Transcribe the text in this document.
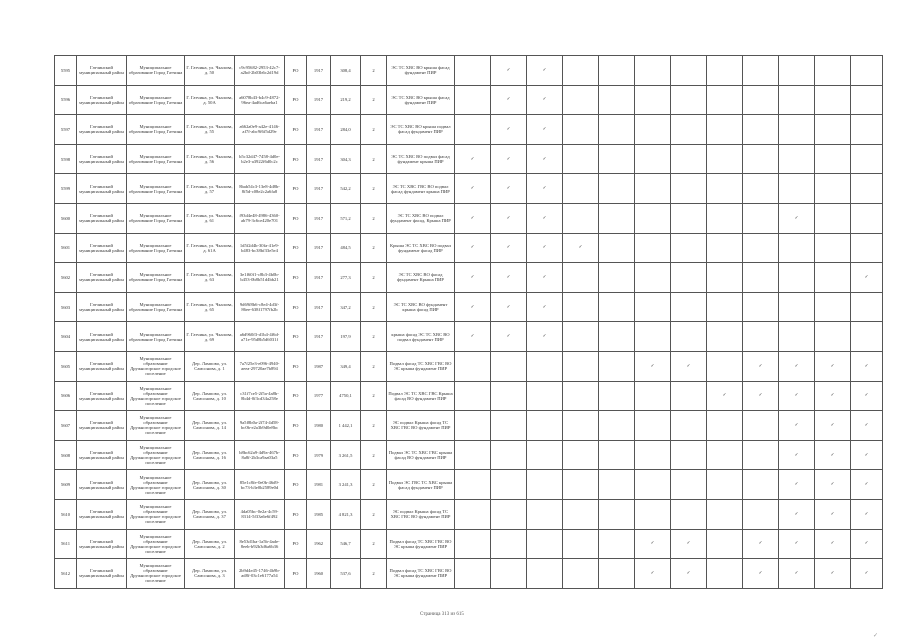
5595	Гатчинский муниципальный район	Муниципальное образование Город Гатчина	Г. Гатчина, ул. Чкалова, д. 50	c9c95682-2953-42c7-a2bd-2b03b6c2d19d	РО	1917	308,4	2	ЭС ТС ХВС ВО крыша фасад фундамент ПИР		✓	✓									
5596	Гатчинский муниципальный район	Муниципальное образование Город Гатчина	Г. Гатчина, ул. Чкалова, д. 50А	a6078b43-b4c9-4872-96ea-4ad6ca6aeba1	РО	1917	219,2	2	ЭС ТС ХВС ВО крыша фасад фундамент ПИР		✓	✓									
5597	Гатчинский муниципальный район	Муниципальное образование Город Гатчина	Г. Гатчина, ул. Чкалова, д. 55	a662a0e9-a42e-4146-af7f-abc9f6f5d29e	РО	1917	284,0	2	ЭС ТС ХВС ВО крыша подвал фасад фундамент ПИР		✓	✓									
5598	Гатчинский муниципальный район	Муниципальное образование Город Гатчина	Г. Гатчина, ул. Чкалова, д. 56	b5c32d47-7458-4d0e-b2e3-a3922f6d0c2c	РО	1917	304,3	2	ЭС ТС ХВС ВО подвал фасад фундамент крыша ПИР	✓	✓	✓									
5599	Гатчинский муниципальный район	Муниципальное образование Город Гатчина	Г. Гатчина, ул. Чкалова, д. 57	8bab54c3-13e8-4d8b-8f5d-c08e2c2a6fa8	РО	1917	542,2	2	ЭС ТС ХВС ГВС ВО подвал фасад фундамент крыша ПИР	✓	✓	✓									
5600	Гатчинский муниципальный район	Муниципальное образование Город Гатчина	Г. Гатчина, ул. Чкалова, д. 61	f93d4e48-4986-4360-ab79-3c6ce420e701	РО	1917	571,2	2	ЭС ТС ХВС ВО подвал фундамент фасад, Крыша ПИР	✓	✓	✓							✓		
5601	Гатчинский муниципальный район	Муниципальное образование Город Гатчина	Г. Гатчина, ул. Чкалова, д. 61А	1d5f2d4b-30fa-41e9-b483-bc38bf33e5e4	РО	1917	484,5	2	Крыша ЭС ТС ХВС ВО подвал фундамент фасад ПИР	✓	✓	✓	✓								
5602	Гатчинский муниципальный район	Муниципальное образование Город Гатчина	Г. Гатчина, ул. Чкалова, д. 63	3e1f60f1-c8b3-4b0b-b453-0b8b51d4bb21	РО	1917	277,3	2	ЭС ТС ХВС ВО фасад фундамент Крыша ПИР	✓	✓	✓									✓
5603	Гатчинский муниципальный район	Муниципальное образование Город Гатчина	Г. Гатчина, ул. Чкалова, д. 65	9d69f8b6-c8e4-4d3f-86ee-638f1797fb2b	РО	1917	347,2	2	ЭС ТС ХВС ВО фундамент крыша фасад ПИР	✓	✓	✓									
5604	Гатчинский муниципальный район	Муниципальное образование Город Гатчина	Г. Гатчина, ул. Чкалова, д. 69	a6d960f3-d1b4-4f6d-a71e-95d8b5d6031f	РО	1917	197,9	2	крыша фасад ЭС ТС ХВС ВО подвал фундамент ПИР	✓	✓	✓									
5605	Гатчинский муниципальный район	Муниципальное образование Дружногорское городское поселение	Дер. Лампово, ул. Самсонова, д. 1	7a7f25e3-e096-4940-aeea-29720ae7b894	РО	1987	349,4	2	Подвал фасад ТС ХВС ГВС ВО ЭС крыша фундамент ПИР						✓	✓		✓	✓	✓	✓
5606	Гатчинский муниципальный район	Муниципальное образование Дружногорское городское поселение	Дер. Лампово, ул. Самсонова, д. 10	c31f7ce5-2f5a-4a8b-8b4d-0f3cd34a258e	РО	1977	4750,1	2	Подвал ЭС ТС ХВС ГВС Крыша фасад ВО фундамент ПИР								✓	✓	✓	✓	✓
5607	Гатчинский муниципальный район	Муниципальное образование Дружногорское городское поселение	Дер. Лампово, ул. Самсонова, д. 14	9a5f8b0a-2f74-4d58-bc0b-e2a3b9d0e8bc	РО	1980	1 442,1	2	ЭС подвал Крыша фасад ТС ХВС ГВС ВО фундамент ПИР										✓	✓	✓
5608	Гатчинский муниципальный район	Муниципальное образование Дружногорское городское поселение	Дер. Лампово, ул. Самсонова, д. 16	b8bc62a9-4d9a-467b-8a8f-2b3ca9aa03a5	РО	1979	3 261,5	2	Подвал ЭС ТС ХВС ГВС крыша фасад ВО фундамент ПИР										✓	✓	✓
5609	Гатчинский муниципальный район	Муниципальное образование Дружногорское городское поселение	Дер. Лампово, ул. Самсонова, д. 30	85e1c8fe-0e0b-46d9-bc73-b3e0b2589e0d	РО	1981	3 241,3	2	Подвал ЭС ГВС ТС ХВС крыша фасад фундамент ПИР										✓	✓	✓
5610	Гатчинский муниципальный район	Муниципальное образование Дружногорское городское поселение	Дер. Лампово, ул. Самсонова, д. 37	4da05bc-0e2a-4c59-8314-5f33a6e6f492	РО	1985	4 821,3	2	ЭС подвал Крыша фасад ТС ХВС ГВС ВО фундамент ПИР										✓	✓	✓
5611	Гатчинский муниципальный район	Муниципальное образование Дружногорское городское поселение	Дер. Лампово, ул. Самсонова, д. 2	8e53d1ba-1a5b-4ade-8eeb-b92b3d6a6b36	РО	1962	546,7	2	Подвал фасад ТС ХВС ГВС ВО ЭС крыша фундамент ПИР						✓	✓		✓	✓	✓	✓
5612	Гатчинский муниципальный район	Муниципальное образование Дружногорское городское поселение	Дер. Лампово, ул. Самсонова, д. 3	2b9d4e45-1746-4b9b-ad8f-03c1e6177a54	РО	1960	537,6	2	Подвал фасад ТС ХВС ГВС ВО ЭС крыша фундамент ПИР						✓	✓		✓	✓	✓	✓
Страница 313 из 615
✓
